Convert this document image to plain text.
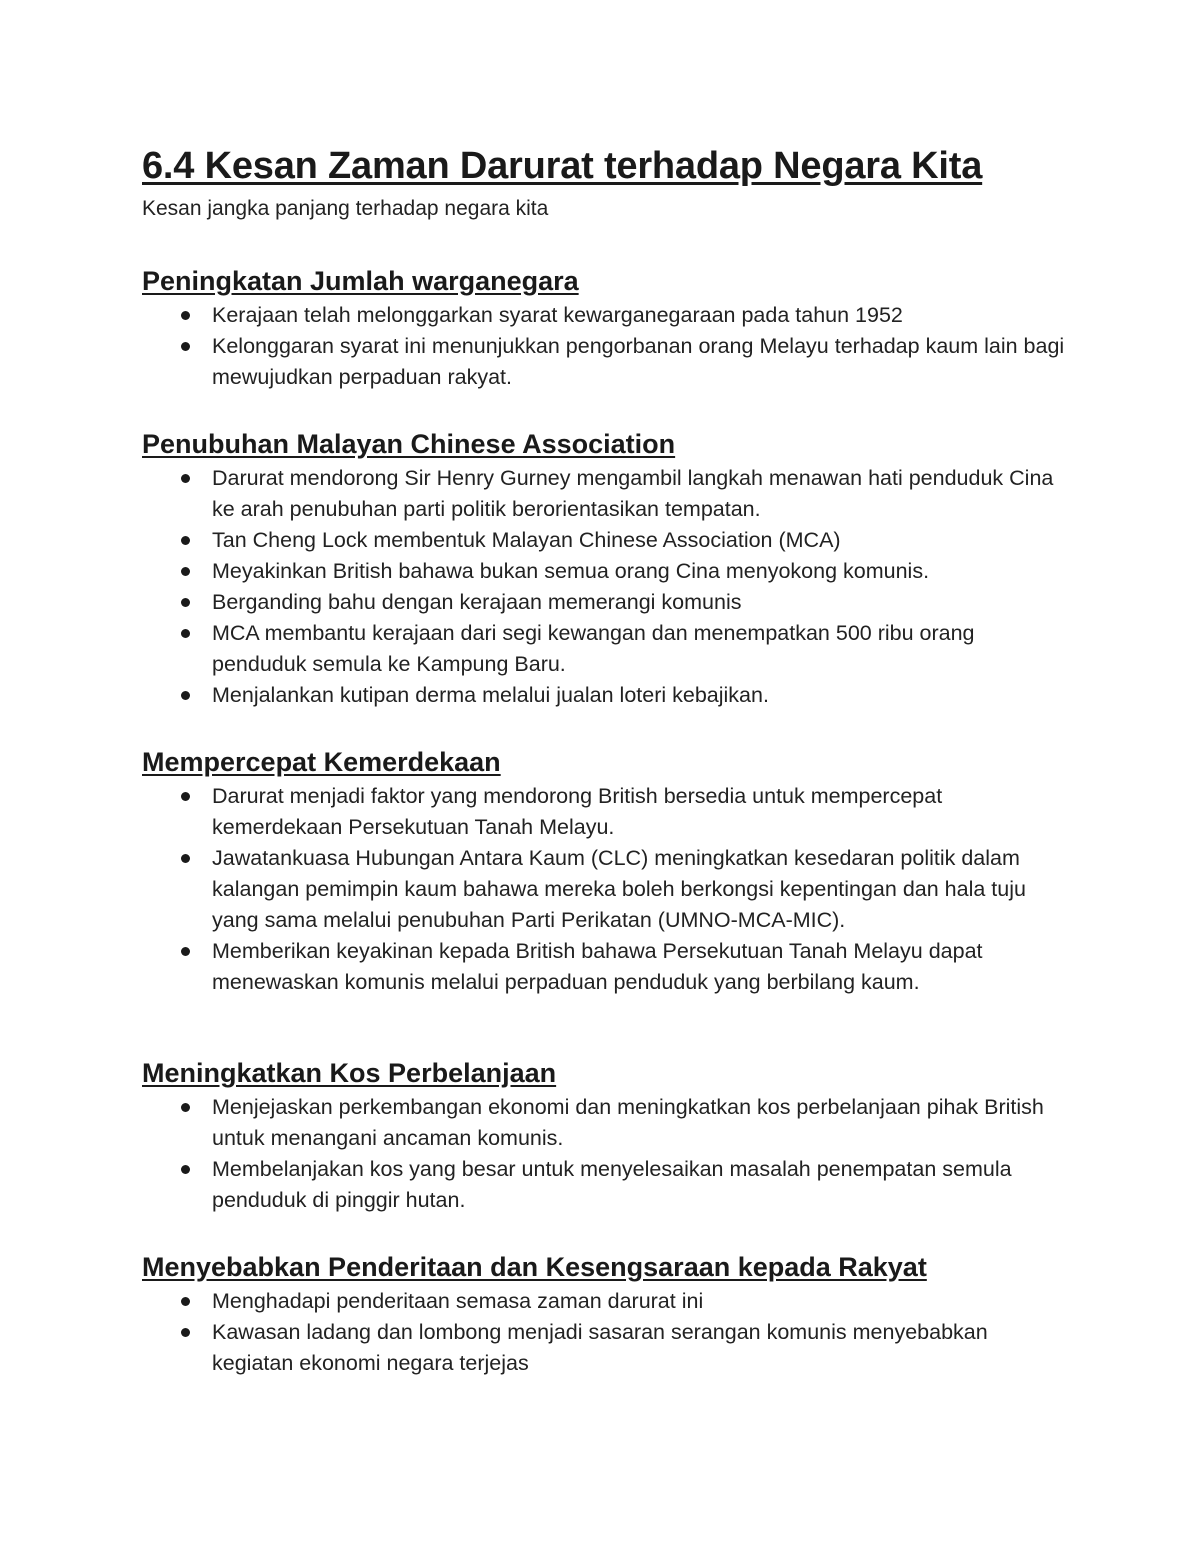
6.4 Kesan Zaman Darurat terhadap Negara Kita

Kesan jangka panjang terhadap negara kita

Peningkatan Jumlah warganegara
Kerajaan telah melonggarkan syarat kewarganegaraan pada tahun 1952
Kelonggaran syarat ini menunjukkan pengorbanan orang Melayu terhadap kaum lain bagi mewujudkan perpaduan rakyat.
Penubuhan Malayan Chinese Association
Darurat mendorong Sir Henry Gurney mengambil langkah menawan hati penduduk Cina ke arah penubuhan parti politik berorientasikan tempatan.
Tan Cheng Lock membentuk Malayan Chinese Association (MCA)
Meyakinkan British bahawa bukan semua orang Cina menyokong komunis.
Berganding bahu dengan kerajaan memerangi komunis
MCA membantu kerajaan dari segi kewangan dan menempatkan 500 ribu orang penduduk semula ke Kampung Baru.
Menjalankan kutipan derma melalui jualan loteri kebajikan.
Mempercepat Kemerdekaan
Darurat menjadi faktor yang mendorong British bersedia untuk mempercepat kemerdekaan Persekutuan Tanah Melayu.
Jawatankuasa Hubungan Antara Kaum (CLC) meningkatkan kesedaran politik dalam kalangan pemimpin kaum bahawa mereka boleh berkongsi kepentingan dan hala tuju yang sama melalui penubuhan Parti Perikatan (UMNO-MCA-MIC).
Memberikan keyakinan kepada British bahawa Persekutuan Tanah Melayu dapat menewaskan komunis melalui perpaduan penduduk yang berbilang kaum.
Meningkatkan Kos Perbelanjaan
Menjejaskan perkembangan ekonomi dan meningkatkan kos perbelanjaan pihak British untuk menangani ancaman komunis.
Membelanjakan kos yang besar untuk menyelesaikan masalah penempatan semula penduduk di pinggir hutan.
Menyebabkan Penderitaan dan Kesengsaraan kepada Rakyat
Menghadapi penderitaan semasa zaman darurat ini
Kawasan ladang dan lombong menjadi sasaran serangan komunis menyebabkan kegiatan ekonomi negara terjejas
